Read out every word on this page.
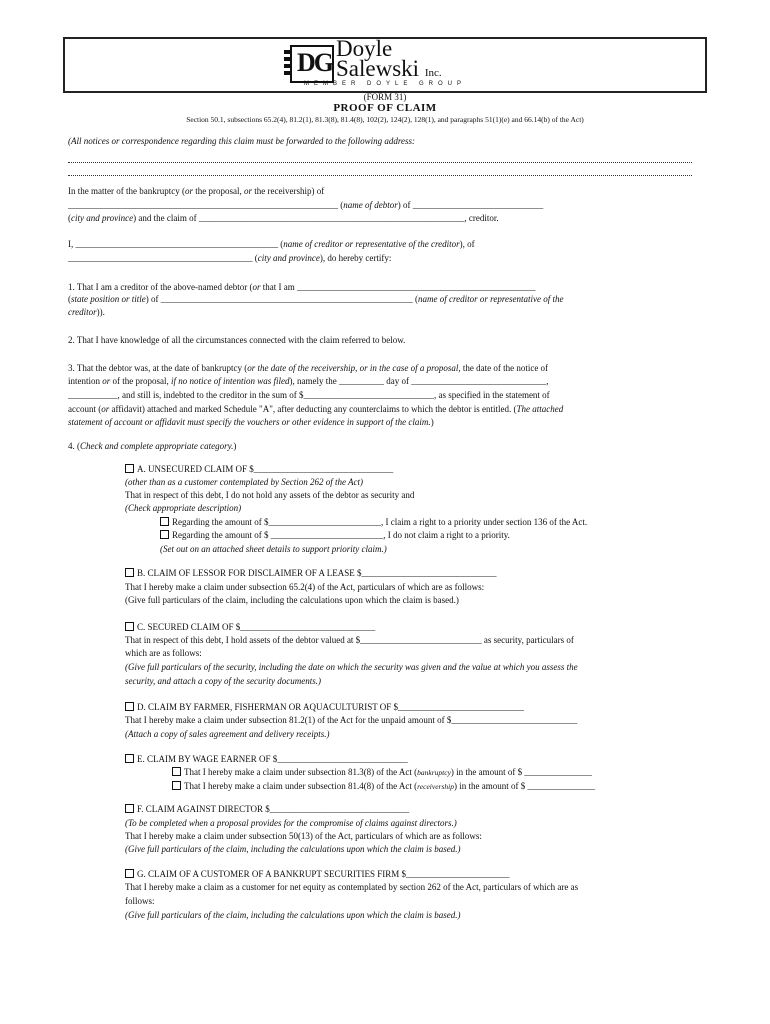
DG Doyle
Salewski Inc.
MEMBER DOYLE GROUP
(FORM 31)
PROOF OF CLAIM
Section 50.1, subsections 65.2(4), 81.2(1), 81.3(8), 81.4(8), 102(2), 124(2), 128(1), and paragraphs 51(1)(e) and 66.14(b) of the Act)
(All notices or correspondence regarding this claim must be forwarded to the following address:
In the matter of the bankruptcy (or the proposal, or the receivership) of
____________________________________________________________ (name of debtor) of _____________________________
(city and province) and the claim of ___________________________________________________________, creditor.
I, _____________________________________________ (name of creditor or representative of the creditor), of
_________________________________________ (city and province), do hereby certify:
1. That I am a creditor of the above-named debtor (or that I am _____________________________________________________
(state position or title) of ________________________________________________________ (name of creditor or representative of the
creditor)).
2. That I have knowledge of all the circumstances connected with the claim referred to below.
3. That the debtor was, at the date of bankruptcy (or the date of the receivership, or in the case of a proposal, the date of the notice of
intention or of the proposal, if no notice of intention was filed), namely the __________ day of ______________________________,
___________, and still is, indebted to the creditor in the sum of $_____________________________, as specified in the statement of
account (or affidavit) attached and marked Schedule "A", after deducting any counterclaims to which the debtor is entitled. (The attached
statement of account or affidavit must specify the vouchers or other evidence in support of the claim.)
4. (Check and complete appropriate category.)
A. UNSECURED CLAIM OF $_______________________________
(other than as a customer contemplated by Section 262 of the Act)
That in respect of this debt, I do not hold any assets of the debtor as security and
(Check appropriate description)
Regarding the amount of $_________________________, I claim a right to a priority under section 136 of the Act.
Regarding the amount of $ _________________________, I do not claim a right to a priority.
(Set out on an attached sheet details to support priority claim.)
B. CLAIM OF LESSOR FOR DISCLAIMER OF A LEASE $______________________________
That I hereby make a claim under subsection 65.2(4) of the Act, particulars of which are as follows:
(Give full particulars of the claim, including the calculations upon which the claim is based.)
C. SECURED CLAIM OF $______________________________
That in respect of this debt, I hold assets of the debtor valued at $___________________________ as security, particulars of
which are as follows:
(Give full particulars of the security, including the date on which the security was given and the value at which you assess the
security, and attach a copy of the security documents.)
D. CLAIM BY FARMER, FISHERMAN OR AQUACULTURIST OF $____________________________
That I hereby make a claim under subsection 81.2(1) of the Act for the unpaid amount of $____________________________
(Attach a copy of sales agreement and delivery receipts.)
E. CLAIM BY WAGE EARNER OF $_____________________________
That I hereby make a claim under subsection 81.3(8) of the Act (bankruptcy) in the amount of $ _______________
That I hereby make a claim under subsection 81.4(8) of the Act (receivership) in the amount of $ _______________
F. CLAIM AGAINST DIRECTOR $_______________________________
(To be completed when a proposal provides for the compromise of claims against directors.)
That I hereby make a claim under subsection 50(13) of the Act, particulars of which are as follows:
(Give full particulars of the claim, including the calculations upon which the claim is based.)
G. CLAIM OF A CUSTOMER OF A BANKRUPT SECURITIES FIRM $_______________________
That I hereby make a claim as a customer for net equity as contemplated by section 262 of the Act, particulars of which are as
follows:
(Give full particulars of the claim, including the calculations upon which the claim is based.)
